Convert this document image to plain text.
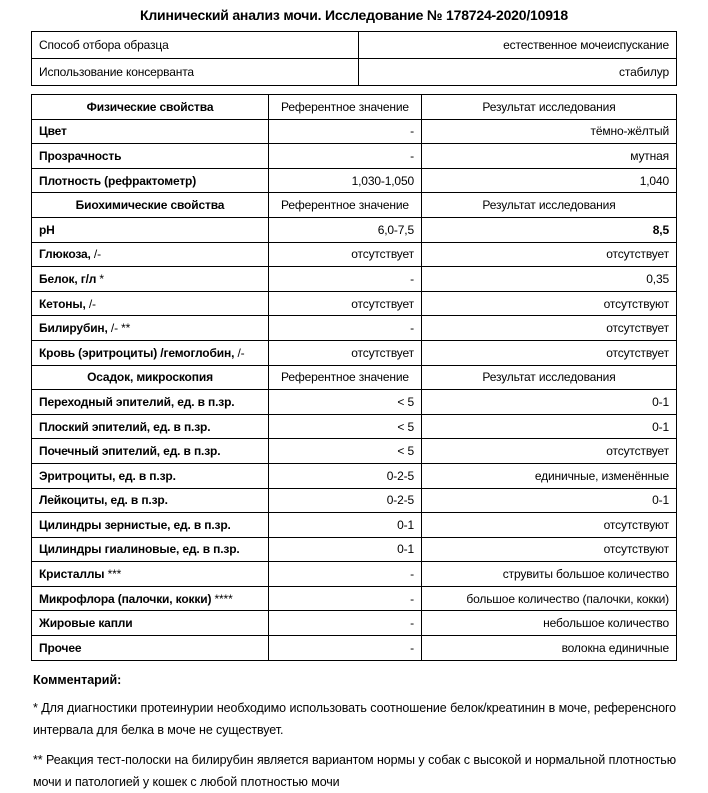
Клинический анализ мочи. Исследование № 178724-2020/10918
Способ отбора образца	естественное мочеиспускание
Использование консерванта	стабилур
Физические свойства	Референтное значение	Результат исследования
Цвет	-	тёмно-жёлтый
Прозрачность	-	мутная
Плотность (рефрактометр)	1,030-1,050	1,040
Биохимические свойства	Референтное значение	Результат исследования
pH	6,0-7,5	8,5
Глюкоза, /-	отсутствует	отсутствует
Белок, г/л *	-	0,35
Кетоны, /-	отсутствует	отсутствуют
Билирубин, /- **	-	отсутствует
Кровь (эритроциты) /гемоглобин, /-	отсутствует	отсутствует
Осадок, микроскопия	Референтное значение	Результат исследования
Переходный эпителий, ед. в п.зр.	< 5	0-1
Плоский эпителий, ед. в п.зр.	< 5	0-1
Почечный эпителий, ед. в п.зр.	< 5	отсутствует
Эритроциты, ед. в п.зр.	0-2-5	единичные, изменённые
Лейкоциты, ед. в п.зр.	0-2-5	0-1
Цилиндры зернистые, ед. в п.зр.	0-1	отсутствуют
Цилиндры гиалиновые, ед. в п.зр.	0-1	отсутствуют
Кристаллы ***	-	струвиты большое количество
Микрофлора (палочки, кокки) ****	-	большое количество (палочки, кокки)
Жировые капли	-	небольшое количество
Прочее	-	волокна единичные
Комментарий:

* Для диагностики протеинурии необходимо использовать соотношение белок/креатинин в моче, референсного интервала для белка в моче не существует.

** Реакция тест-полоски на билирубин является вариантом нормы у собак с высокой и нормальной плотностью мочи и патологией у кошек с любой плотностью мочи
